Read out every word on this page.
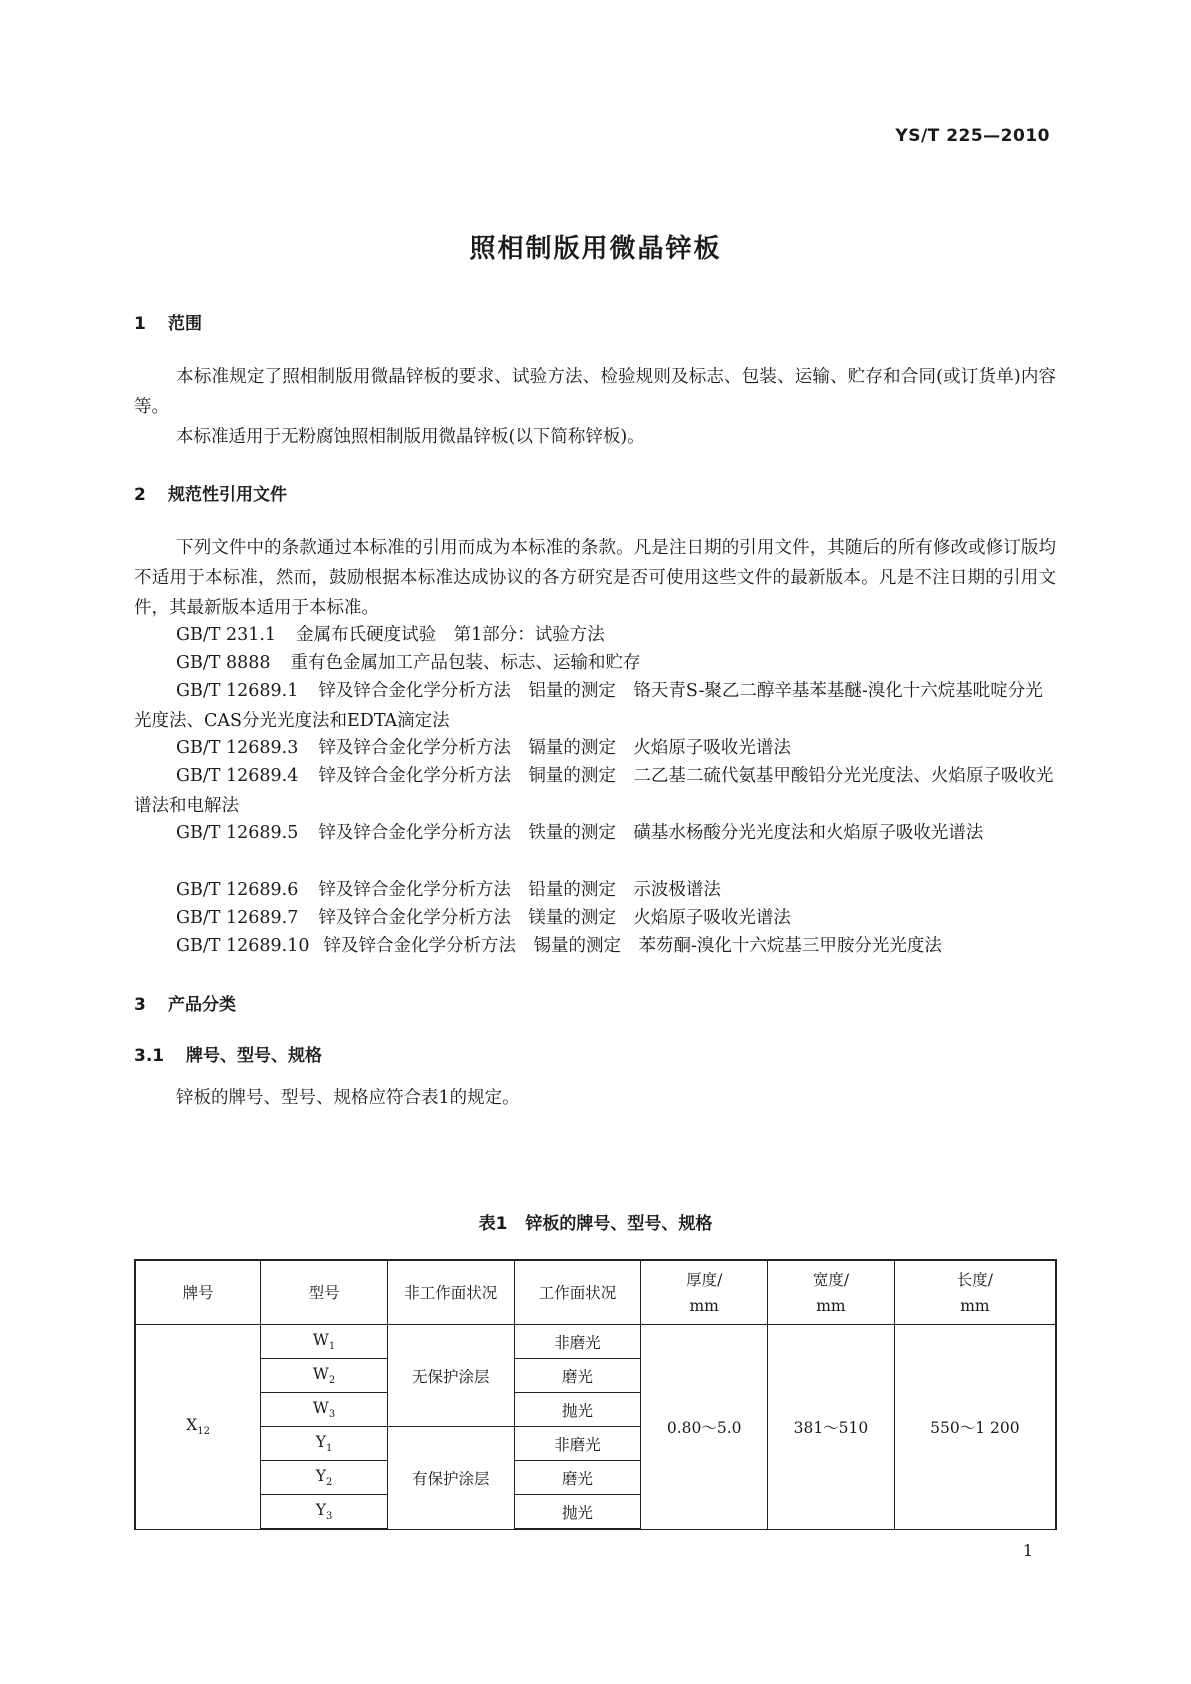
YS/T 225—2010
照相制版用微晶锌板
1 范围
本标准规定了照相制版用微晶锌板的要求、试验方法、检验规则及标志、包装、运输、贮存和合同(或订货单)内容等。
本标准适用于无粉腐蚀照相制版用微晶锌板(以下简称锌板)。
2 规范性引用文件
下列文件中的条款通过本标准的引用而成为本标准的条款。凡是注日期的引用文件，其随后的所有修改或修订版均不适用于本标准，然而，鼓励根据本标准达成协议的各方研究是否可使用这些文件的最新版本。凡是不注日期的引用文件，其最新版本适用于本标准。
GB/T 231.1 金属布氏硬度试验　第1部分：试验方法
GB/T 8888 重有色金属加工产品包装、标志、运输和贮存
GB/T 12689.1 锌及锌合金化学分析方法　铝量的测定　铬天青S-聚乙二醇辛基苯基醚-溴化十六烷基吡啶分光光度法、CAS分光光度法和EDTA滴定法
GB/T 12689.3 锌及锌合金化学分析方法　镉量的测定　火焰原子吸收光谱法
GB/T 12689.4 锌及锌合金化学分析方法　铜量的测定　二乙基二硫代氨基甲酸铅分光光度法、火焰原子吸收光谱法和电解法
GB/T 12689.5 锌及锌合金化学分析方法　铁量的测定　磺基水杨酸分光光度法和火焰原子吸收光谱法
GB/T 12689.6 锌及锌合金化学分析方法　铅量的测定　示波极谱法
GB/T 12689.7 锌及锌合金化学分析方法　镁量的测定　火焰原子吸收光谱法
GB/T 12689.10 锌及锌合金化学分析方法　锡量的测定　苯芴酮-溴化十六烷基三甲胺分光光度法
3 产品分类
3.1 牌号、型号、规格
锌板的牌号、型号、规格应符合表1的规定。
表1 锌板的牌号、型号、规格
牌号	型号	非工作面状况	工作面状况	厚度/
mm	宽度/
mm	长度/
mm
$X_{12}$	$W_1$	无保护涂层	非磨光	0.80～5.0	381～510	550～1 200
	$W_2$		磨光			
	$W_3$		抛光			
	$Y_1$	有保护涂层	非磨光			
	$Y_2$		磨光			
	$Y_3$		抛光			
1
